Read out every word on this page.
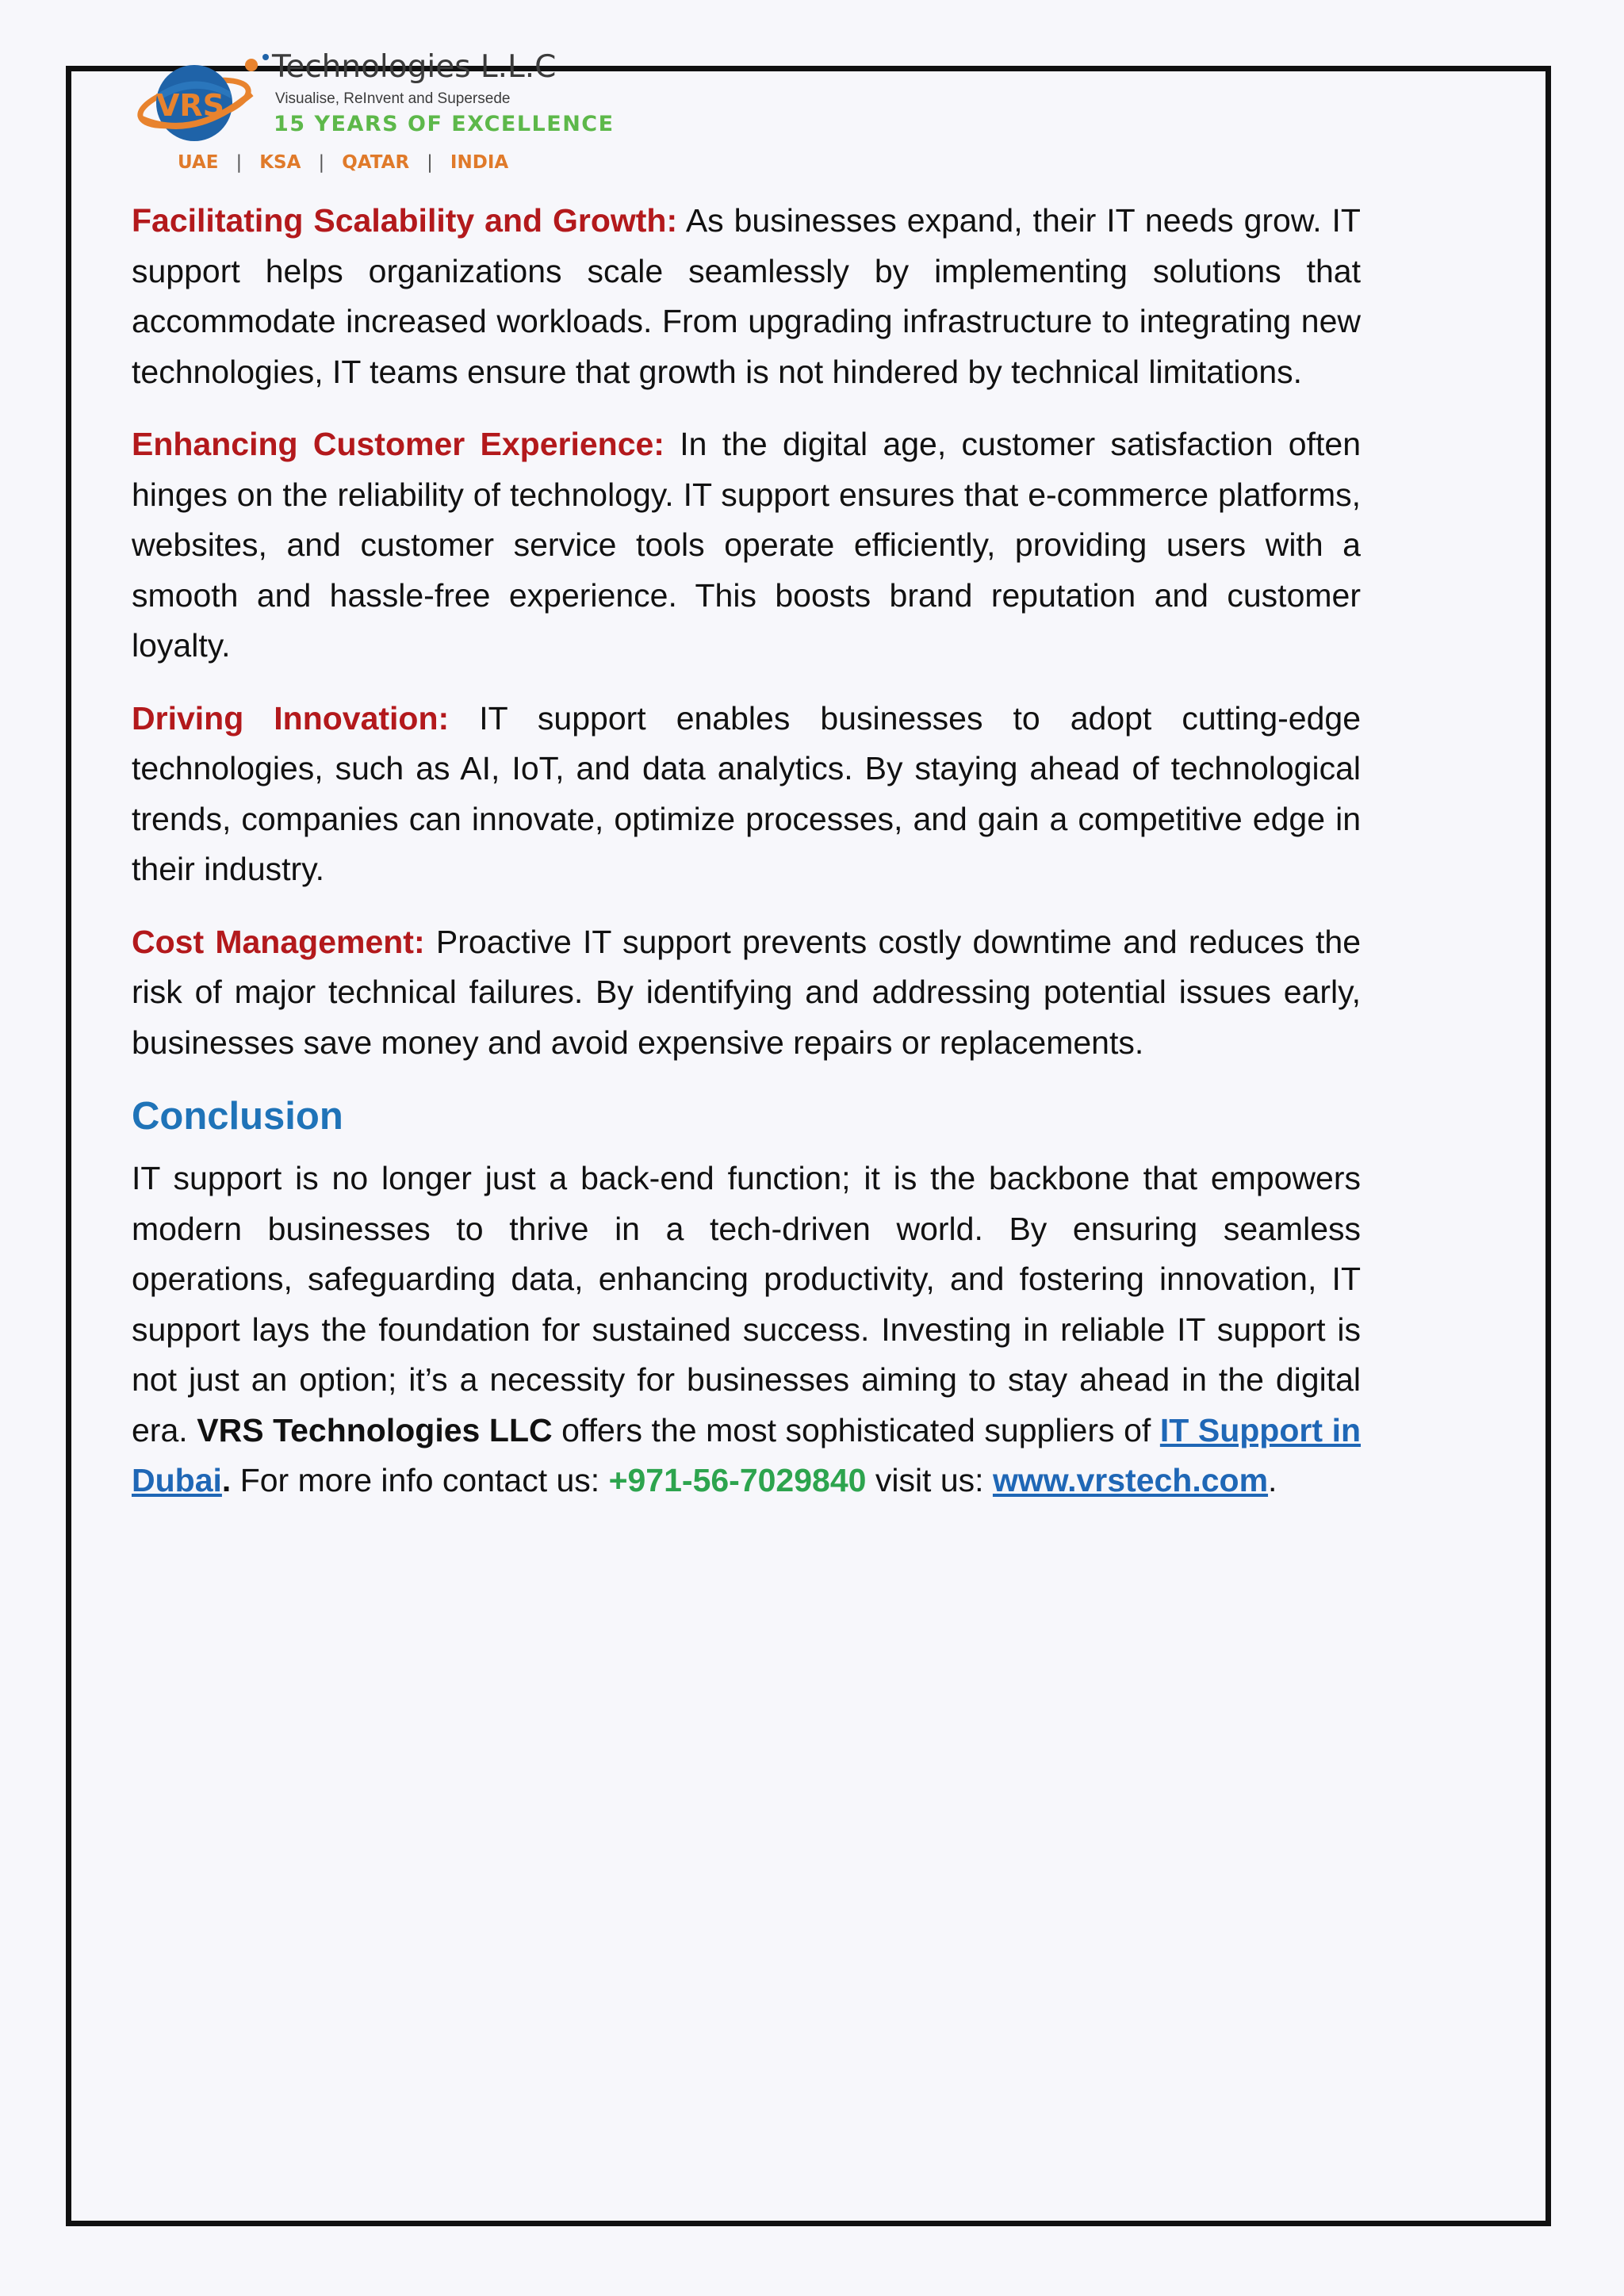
VRS
Technologies L.L.C
Visualise, ReInvent and Supersede
15 YEARS OF EXCELLENCE
UAE | KSA | QATAR | INDIA

Facilitating Scalability and Growth: As businesses expand, their IT needs grow. IT support helps organizations scale seamlessly by implementing solutions that accommodate increased workloads. From upgrading infrastructure to integrating new technologies, IT teams ensure that growth is not hindered by technical limitations.

Enhancing Customer Experience: In the digital age, customer satisfaction often hinges on the reliability of technology. IT support ensures that e-commerce platforms, websites, and customer service tools operate efficiently, providing users with a smooth and hassle-free experience. This boosts brand reputation and customer loyalty.

Driving Innovation: IT support enables businesses to adopt cutting-edge technologies, such as AI, IoT, and data analytics. By staying ahead of technological trends, companies can innovate, optimize processes, and gain a competitive edge in their industry.

Cost Management: Proactive IT support prevents costly downtime and reduces the risk of major technical failures. By identifying and addressing potential issues early, businesses save money and avoid expensive repairs or replacements.

Conclusion

IT support is no longer just a back-end function; it is the backbone that empowers modern businesses to thrive in a tech-driven world. By ensuring seamless operations, safeguarding data, enhancing productivity, and fostering innovation, IT support lays the foundation for sustained success. Investing in reliable IT support is not just an option; it’s a necessity for businesses aiming to stay ahead in the digital era. VRS Technologies LLC offers the most sophisticated suppliers of IT Support in Dubai. For more info contact us: +971-56-7029840 visit us: www.vrstech.com.
